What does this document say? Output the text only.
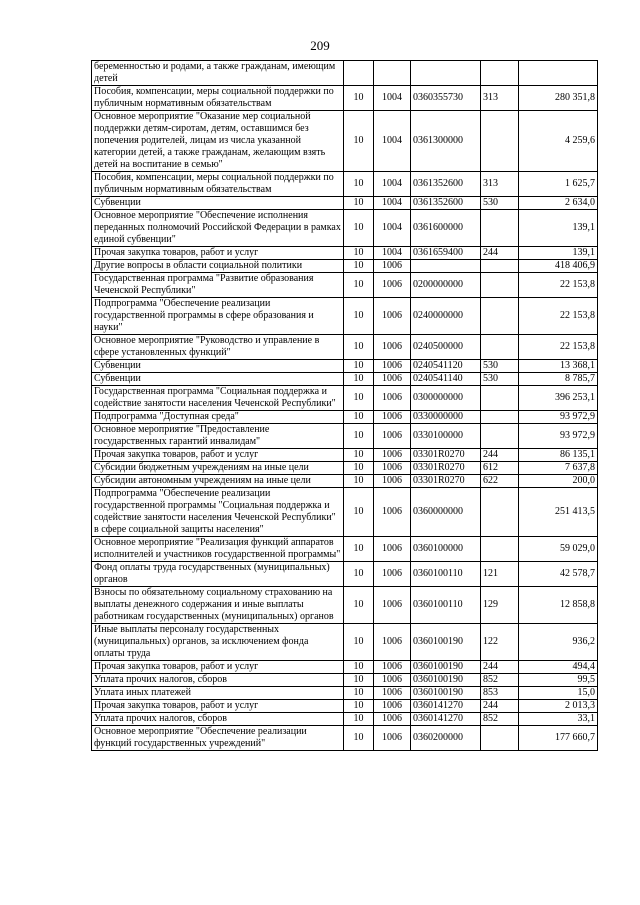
209
беременностью и родами, а также гражданам, имеющим детей					
Пособия, компенсации, меры социальной поддержки по публичным нормативным обязательствам	10	1004	0360355730	313	280 351,8
Основное мероприятие "Оказание мер социальной поддержки детям-сиротам, детям, оставшимся без попечения родителей, лицам из числа указанной категории детей, а также гражданам, желающим взять детей на воспитание в семью"	10	1004	0361300000		4 259,6
Пособия, компенсации, меры социальной поддержки по публичным нормативным обязательствам	10	1004	0361352600	313	1 625,7
Субвенции	10	1004	0361352600	530	2 634,0
Основное мероприятие "Обеспечение исполнения переданных полномочий Российской Федерации в рамках единой субвенции"	10	1004	0361600000		139,1
Прочая закупка товаров, работ и услуг	10	1004	0361659400	244	139,1
Другие вопросы в области социальной политики	10	1006			418 406,9
Государственная программа "Развитие образования Чеченской Республики"	10	1006	0200000000		22 153,8
Подпрограмма "Обеспечение реализации государственной программы в сфере образования и науки"	10	1006	0240000000		22 153,8
Основное мероприятие "Руководство и управление в сфере установленных функций"	10	1006	0240500000		22 153,8
Субвенции	10	1006	0240541120	530	13 368,1
Субвенции	10	1006	0240541140	530	8 785,7
Государственная программа "Социальная поддержка и содействие занятости населения Чеченской Республики"	10	1006	0300000000		396 253,1
Подпрограмма "Доступная среда"	10	1006	0330000000		93 972,9
Основное мероприятие "Предоставление государственных гарантий инвалидам"	10	1006	0330100000		93 972,9
Прочая закупка товаров, работ и услуг	10	1006	03301R0270	244	86 135,1
Субсидии бюджетным учреждениям на иные цели	10	1006	03301R0270	612	7 637,8
Субсидии автономным учреждениям на иные цели	10	1006	03301R0270	622	200,0
Подпрограмма "Обеспечение реализации государственной программы "Социальная поддержка и содействие занятости населения Чеченской Республики" в сфере социальной защиты населения"	10	1006	0360000000		251 413,5
Основное мероприятие "Реализация функций аппаратов исполнителей и участников государственной программы"	10	1006	0360100000		59 029,0
Фонд оплаты труда государственных (муниципальных) органов	10	1006	0360100110	121	42 578,7
Взносы по обязательному социальному страхованию на выплаты денежного содержания и иные выплаты работникам государственных (муниципальных) органов	10	1006	0360100110	129	12 858,8
Иные выплаты персоналу государственных (муниципальных) органов, за исключением фонда оплаты труда	10	1006	0360100190	122	936,2
Прочая закупка товаров, работ и услуг	10	1006	0360100190	244	494,4
Уплата прочих налогов, сборов	10	1006	0360100190	852	99,5
Уплата иных платежей	10	1006	0360100190	853	15,0
Прочая закупка товаров, работ и услуг	10	1006	0360141270	244	2 013,3
Уплата прочих налогов, сборов	10	1006	0360141270	852	33,1
Основное мероприятие "Обеспечение реализации функций государственных учреждений"	10	1006	0360200000		177 660,7
